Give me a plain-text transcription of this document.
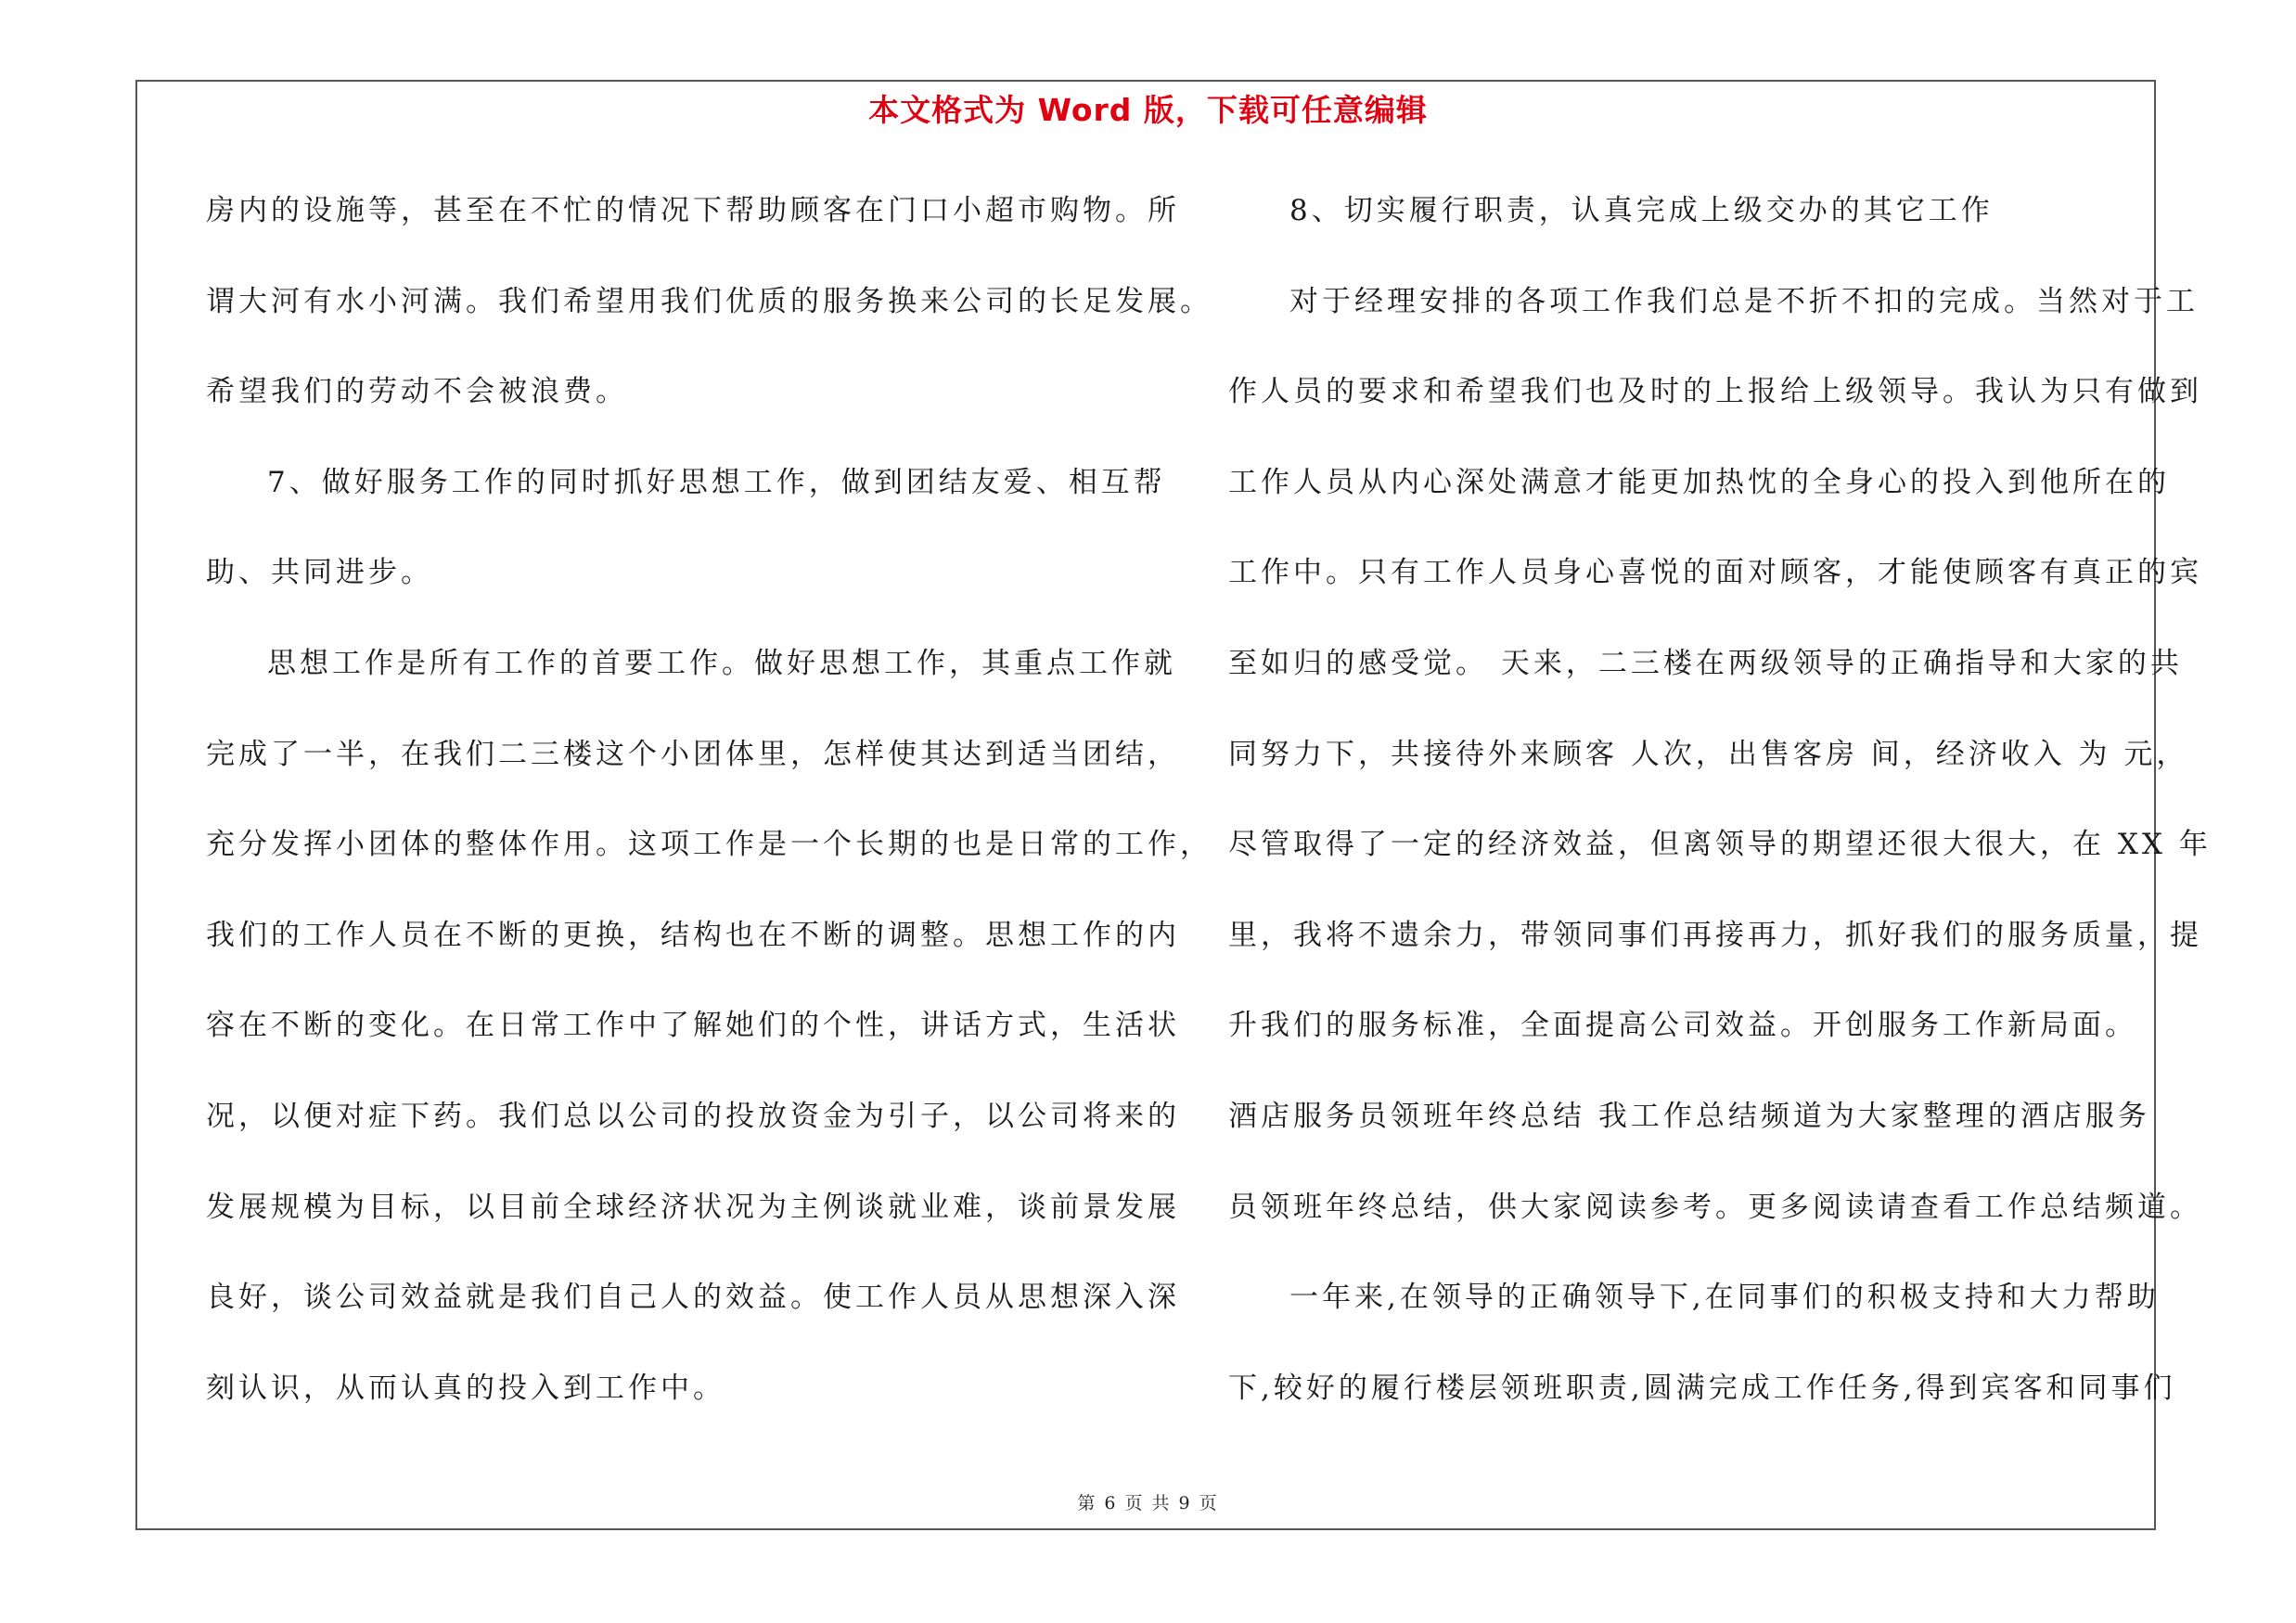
本文格式为 Word 版，下载可任意编辑
房内的设施等，甚至在不忙的情况下帮助顾客在门口小超市购物。所
谓大河有水小河满。我们希望用我们优质的服务换来公司的长足发展。
希望我们的劳动不会被浪费。
7、做好服务工作的同时抓好思想工作，做到团结友爱、相互帮
助、共同进步。
思想工作是所有工作的首要工作。做好思想工作，其重点工作就
完成了一半，在我们二三楼这个小团体里，怎样使其达到适当团结，
充分发挥小团体的整体作用。这项工作是一个长期的也是日常的工作，
我们的工作人员在不断的更换，结构也在不断的调整。思想工作的内
容在不断的变化。在日常工作中了解她们的个性，讲话方式，生活状
况，以便对症下药。我们总以公司的投放资金为引子，以公司将来的
发展规模为目标，以目前全球经济状况为主例谈就业难，谈前景发展
良好，谈公司效益就是我们自己人的效益。使工作人员从思想深入深
刻认识，从而认真的投入到工作中。
8、切实履行职责，认真完成上级交办的其它工作
对于经理安排的各项工作我们总是不折不扣的完成。当然对于工
作人员的要求和希望我们也及时的上报给上级领导。我认为只有做到
工作人员从内心深处满意才能更加热忱的全身心的投入到他所在的
工作中。只有工作人员身心喜悦的面对顾客，才能使顾客有真正的宾
至如归的感受觉。 天来，二三楼在两级领导的正确指导和大家的共
同努力下，共接待外来顾客 人次，出售客房 间，经济收入 为 元，
尽管取得了一定的经济效益，但离领导的期望还很大很大，在 XX 年
里，我将不遗余力，带领同事们再接再力，抓好我们的服务质量，提
升我们的服务标准，全面提高公司效益。开创服务工作新局面。
酒店服务员领班年终总结 我工作总结频道为大家整理的酒店服务
员领班年终总结，供大家阅读参考。更多阅读请查看工作总结频道。
一年来,在领导的正确领导下,在同事们的积极支持和大力帮助
下,较好的履行楼层领班职责,圆满完成工作任务,得到宾客和同事们
第 6 页 共 9 页
